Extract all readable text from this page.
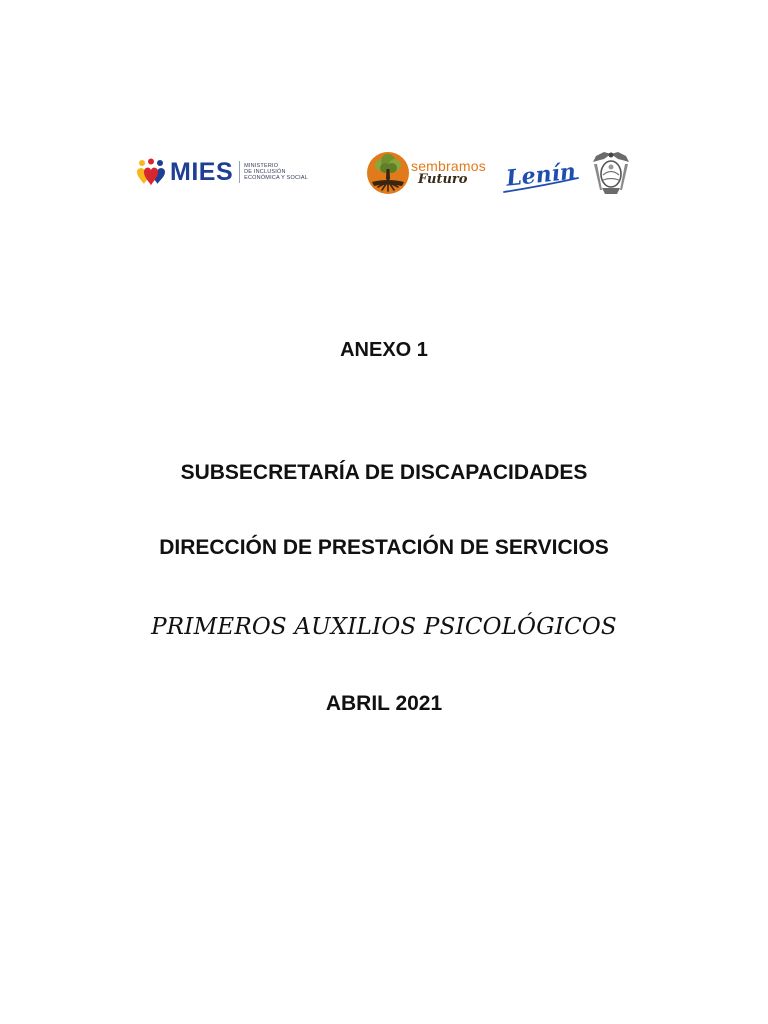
MIES MINISTERIO
DE INCLUSIÓN
ECONÓMICA Y SOCIAL
sembramos
Futuro Lenín
ANEXO 1
SUBSECRETARÍA DE DISCAPACIDADES
DIRECCIÓN DE PRESTACIÓN DE SERVICIOS
PRIMEROS AUXILIOS PSICOLÓGICOS
ABRIL 2021
